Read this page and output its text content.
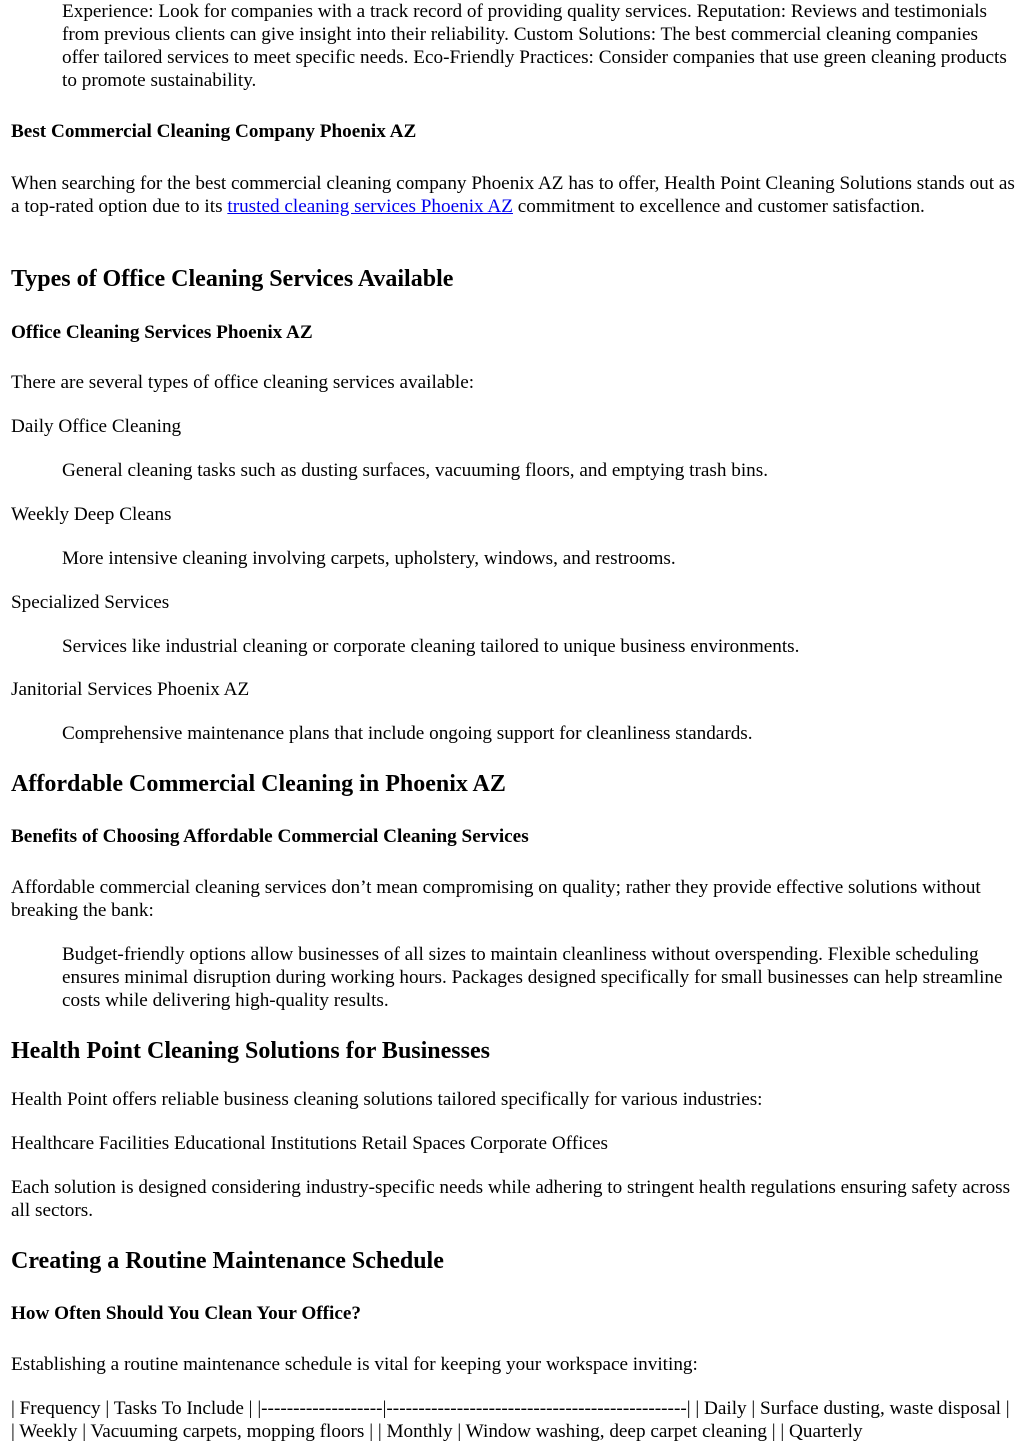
Experience: Look for companies with a track record of providing quality services. Reputation: Reviews and testimonials from previous clients can give insight into their reliability. Custom Solutions: The best commercial cleaning companies offer tailored services to meet specific needs. Eco-Friendly Practices: Consider companies that use green cleaning products to promote sustainability.

Best Commercial Cleaning Company Phoenix AZ

When searching for the best commercial cleaning company Phoenix AZ has to offer, Health Point Cleaning Solutions stands out as a top-rated option due to its trusted cleaning services Phoenix AZ commitment to excellence and customer satisfaction.

Types of Office Cleaning Services Available

Office Cleaning Services Phoenix AZ

There are several types of office cleaning services available:

Daily Office Cleaning

General cleaning tasks such as dusting surfaces, vacuuming floors, and emptying trash bins.

Weekly Deep Cleans

More intensive cleaning involving carpets, upholstery, windows, and restrooms.

Specialized Services

Services like industrial cleaning or corporate cleaning tailored to unique business environments.

Janitorial Services Phoenix AZ

Comprehensive maintenance plans that include ongoing support for cleanliness standards.

Affordable Commercial Cleaning in Phoenix AZ

Benefits of Choosing Affordable Commercial Cleaning Services

Affordable commercial cleaning services don’t mean compromising on quality; rather they provide effective solutions without breaking the bank:

Budget-friendly options allow businesses of all sizes to maintain cleanliness without overspending. Flexible scheduling ensures minimal disruption during working hours. Packages designed specifically for small businesses can help streamline costs while delivering high-quality results.

Health Point Cleaning Solutions for Businesses

Health Point offers reliable business cleaning solutions tailored specifically for various industries:

Healthcare Facilities Educational Institutions Retail Spaces Corporate Offices

Each solution is designed considering industry-specific needs while adhering to stringent health regulations ensuring safety across all sectors.

Creating a Routine Maintenance Schedule

How Often Should You Clean Your Office?

Establishing a routine maintenance schedule is vital for keeping your workspace inviting:

| Frequency | Tasks To Include | |-------------------|-----------------------------------------------| | Daily | Surface dusting, waste disposal | | Weekly | Vacuuming carpets, mopping floors | | Monthly | Window washing, deep carpet cleaning | | Quarterly
